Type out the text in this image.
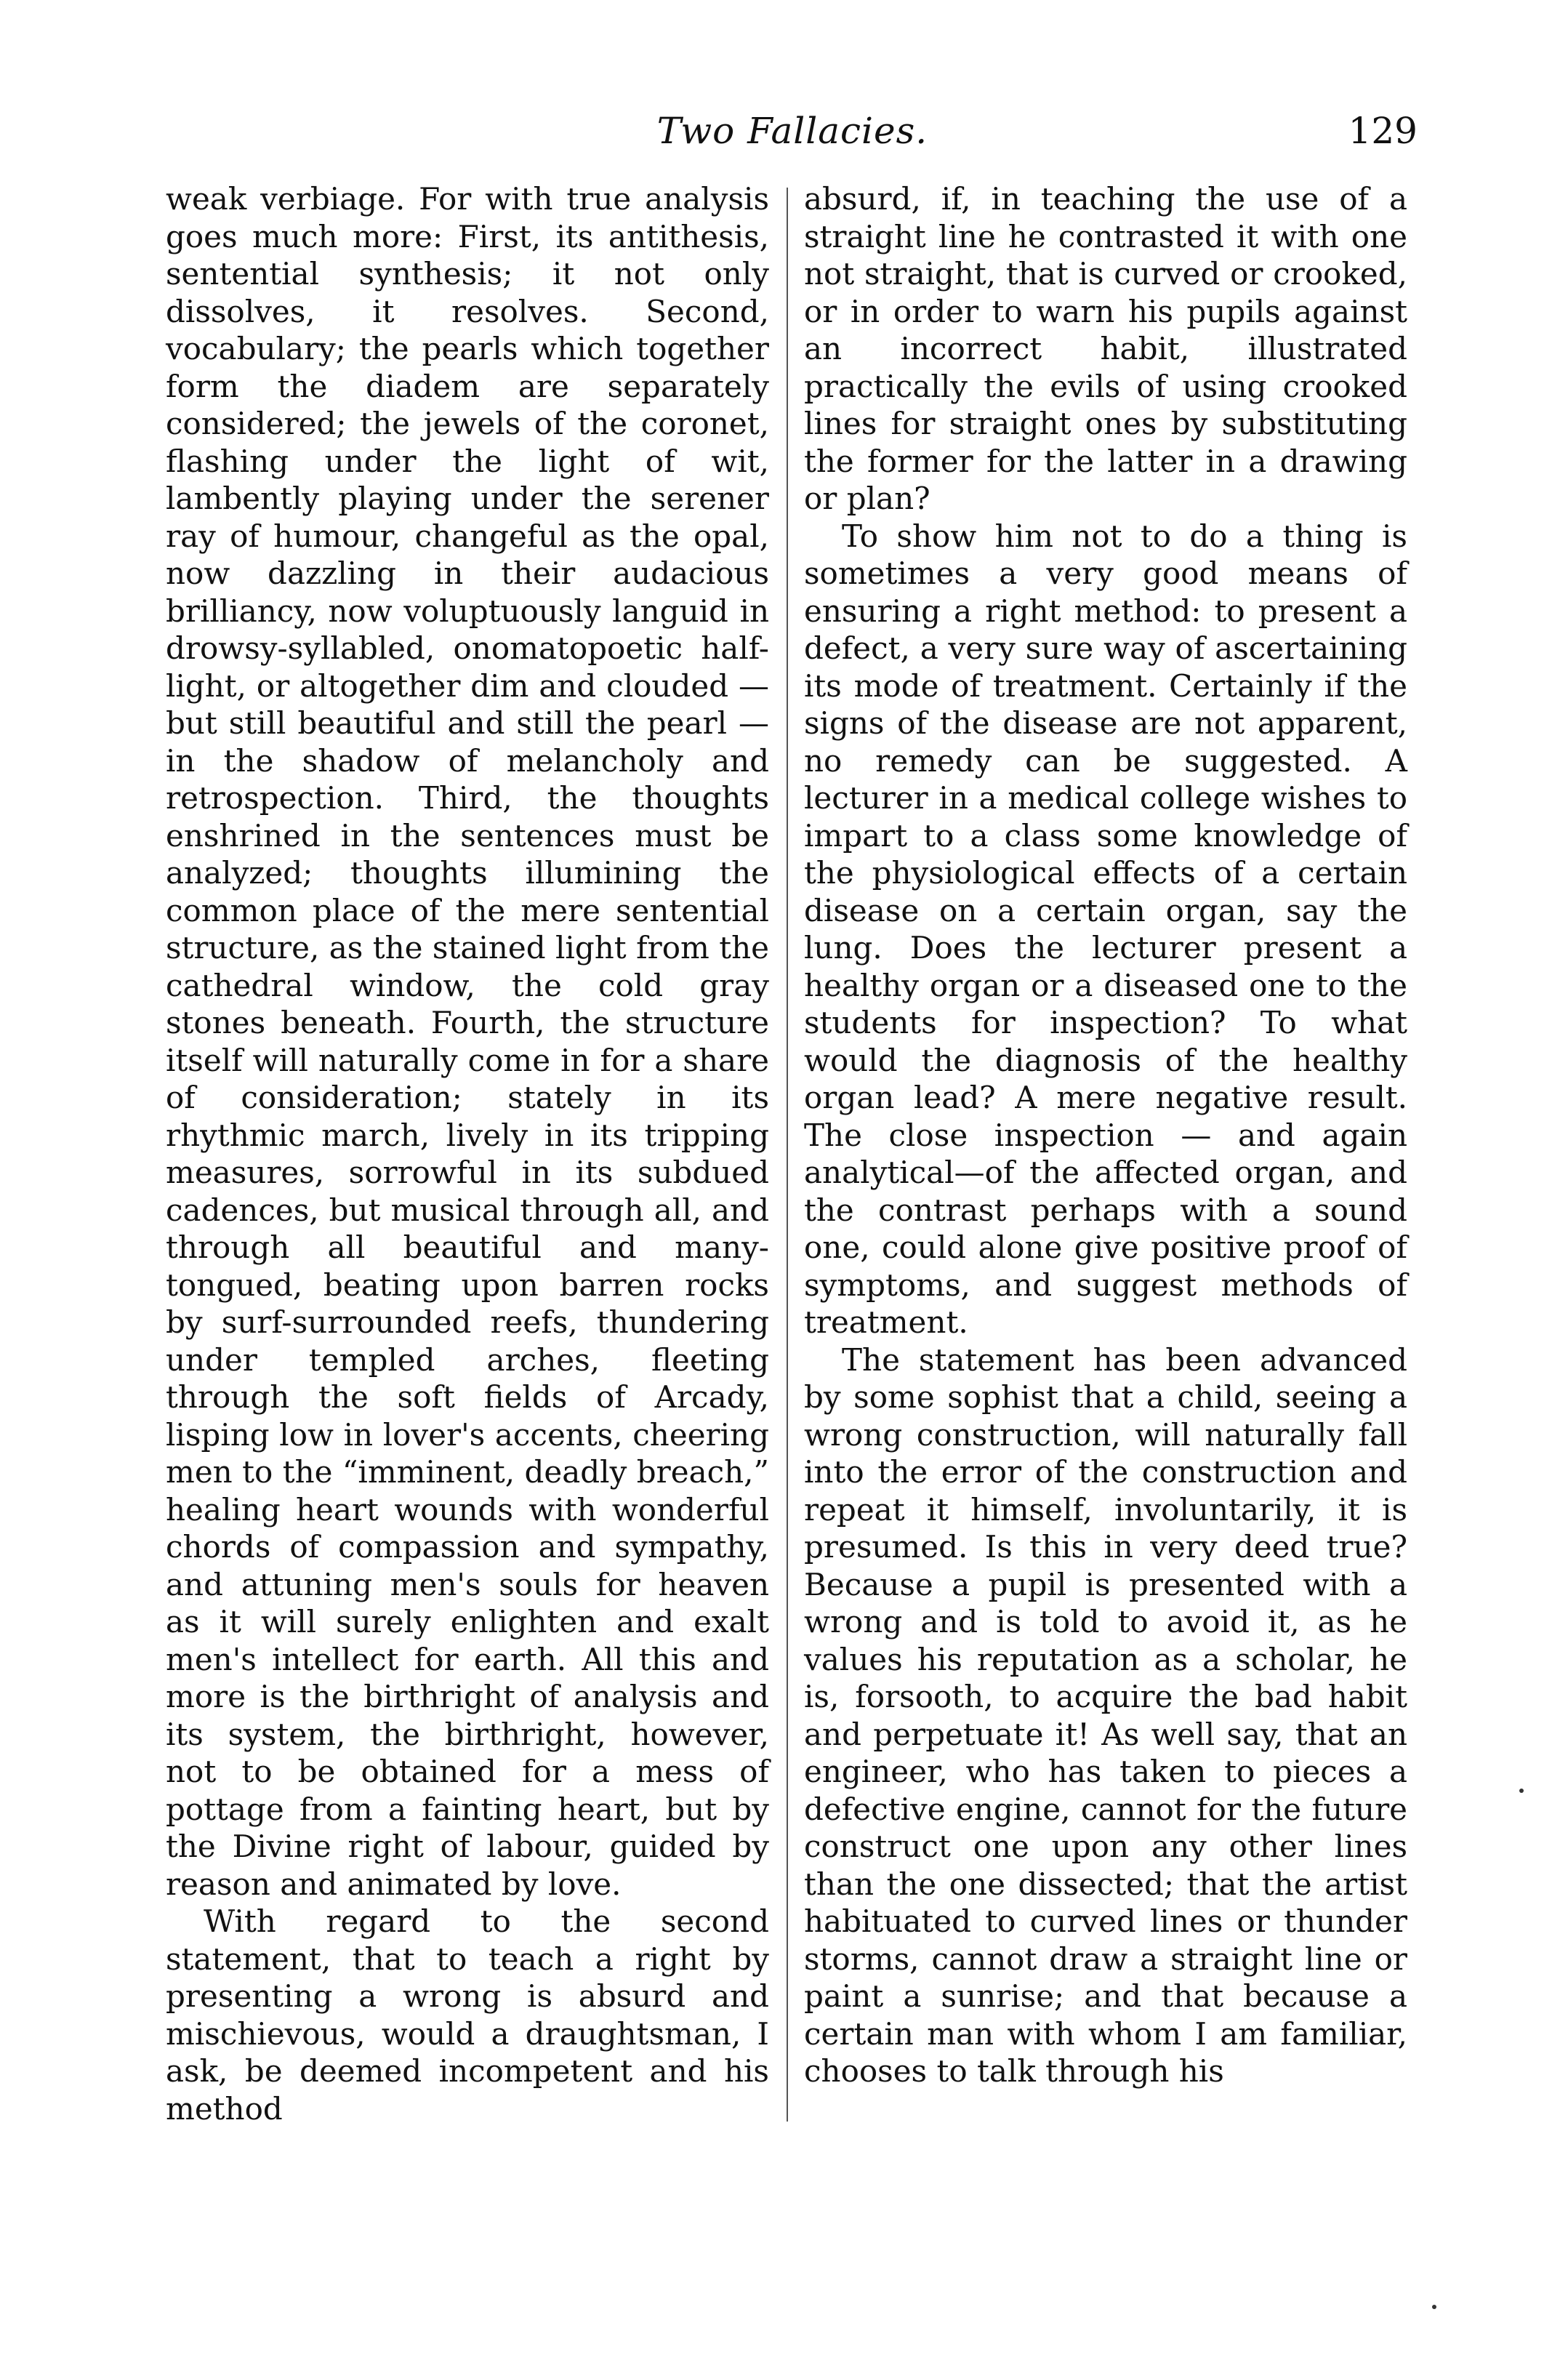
Two Fallacies.	129

weak verbiage. For with true analysis goes much more: First, its antithesis, sentential synthesis; it not only dissolves, it resolves. Second, vocabulary; the pearls which together form the diadem are separately considered; the jewels of the coronet, flashing under the light of wit, lambently playing under the serener ray of humour, changeful as the opal, now dazzling in their audacious brilliancy, now voluptuously languid in drowsy-syllabled, onomatopoetic half-light, or altogether dim and clouded —but still beautiful and still the pearl —in the shadow of melancholy and retrospection. Third, the thoughts enshrined in the sentences must be analyzed; thoughts illumining the common place of the mere sentential structure, as the stained light from the cathedral window, the cold gray stones beneath. Fourth, the structure itself will naturally come in for a share of consideration; stately in its rhythmic march, lively in its tripping measures, sorrowful in its subdued cadences, but musical through all, and through all beautiful and many-tongued, beating upon barren rocks by surf-surrounded reefs, thundering under templed arches, fleeting through the soft fields of Arcady, lisping low in lover's accents, cheering men to the “imminent, deadly breach,” healing heart wounds with wonderful chords of compassion and sympathy, and attuning men's souls for heaven as it will surely enlighten and exalt men's intellect for earth. All this and more is the birthright of analysis and its system, the birthright, however, not to be obtained for a mess of pottage from a fainting heart, but by the Divine right of labour, guided by reason and animated by love.

With regard to the second statement, that to teach a right by presenting a wrong is absurd and mischievous, would a draughtsman, I ask, be deemed incompetent and his method

absurd, if, in teaching the use of a straight line he contrasted it with one not straight, that is curved or crooked, or in order to warn his pupils against an incorrect habit, illustrated practically the evils of using crooked lines for straight ones by substituting the former for the latter in a drawing or plan?

To show him not to do a thing is sometimes a very good means of ensuring a right method: to present a defect, a very sure way of ascertaining its mode of treatment. Certainly if the signs of the disease are not apparent, no remedy can be suggested. A lecturer in a medical college wishes to impart to a class some knowledge of the physiological effects of a certain disease on a certain organ, say the lung. Does the lecturer present a healthy organ or a diseased one to the students for inspection? To what would the diagnosis of the healthy organ lead? A mere negative result. The close inspection — and again analytical—of the affected organ, and the contrast perhaps with a sound one, could alone give positive proof of symptoms, and suggest methods of treatment.

The statement has been advanced by some sophist that a child, seeing a wrong construction, will naturally fall into the error of the construction and repeat it himself, involuntarily, it is presumed. Is this in very deed true? Because a pupil is presented with a wrong and is told to avoid it, as he values his reputation as a scholar, he is, forsooth, to acquire the bad habit and perpetuate it! As well say, that an engineer, who has taken to pieces a defective engine, cannot for the future construct one upon any other lines than the one dissected; that the artist habituated to curved lines or thunder storms, cannot draw a straight line or paint a sunrise; and that because a certain man with whom I am familiar, chooses to talk through his
